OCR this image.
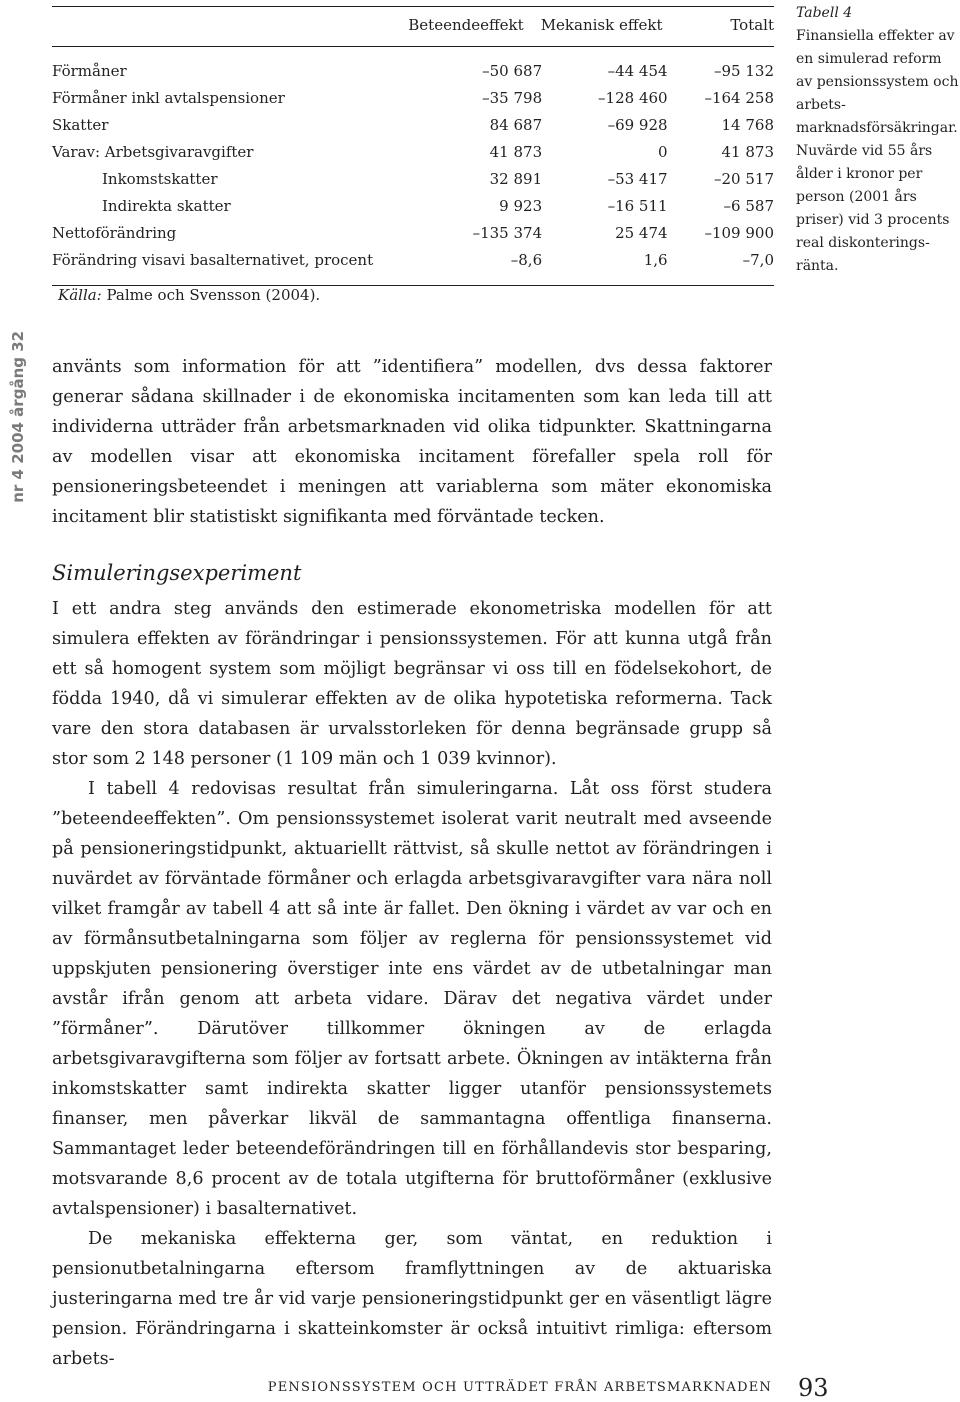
nr 4 2004 årgång 32
	Beteendeeffekt	Mekanisk effekt	Totalt

Förmåner	–50 687	–44 454	–95 132
Förmåner inkl avtalspensioner	–35 798	–128 460	–164 258
Skatter	84 687	–69 928	14 768
Varav: Arbetsgivaravgifter	41 873	0	41 873
Inkomstskatter	32 891	–53 417	–20 517
Indirekta skatter	9 923	–16 511	–6 587
Nettoförändring	–135 374	25 474	–109 900
Förändring visavi basalternativet, procent	–8,6	1,6	–7,0

Källa: Palme och Svensson (2004).
Tabell 4
Finansiella effekter av en simulerad reform av pensionssystem och arbetsmarknadsförsäkringar. Nuvärde vid 55 års ålder i kronor per person (2001 års priser) vid 3 procents real diskonteringsränta.

använts som information för att ”identifiera” modellen, dvs dessa faktorer generar sådana skillnader i de ekonomiska incitamenten som kan leda till att individerna utträder från arbetsmarknaden vid olika tidpunkter. Skattningarna av modellen visar att ekonomiska incitament förefaller spela roll för pensioneringsbeteendet i meningen att variablerna som mäter ekonomiska incitament blir statistiskt signifikanta med förväntade tecken.

Simuleringsexperiment

I ett andra steg används den estimerade ekonometriska modellen för att simulera effekten av förändringar i pensionssystemen. För att kunna utgå från ett så homogent system som möjligt begränsar vi oss till en födelsekohort, de födda 1940, då vi simulerar effekten av de olika hypotetiska reformerna. Tack vare den stora databasen är urvalsstorleken för denna begränsade grupp så stor som 2 148 personer (1 109 män och 1 039 kvinnor).

I tabell 4 redovisas resultat från simuleringarna. Låt oss först studera ”beteendeeffekten”. Om pensionssystemet isolerat varit neutralt med avseende på pensioneringstidpunkt, aktuariellt rättvist, så skulle nettot av förändringen i nuvärdet av förväntade förmåner och erlagda arbetsgivaravgifter vara nära noll vilket framgår av tabell 4 att så inte är fallet. Den ökning i värdet av var och en av förmånsutbetalningarna som följer av reglerna för pensionssystemet vid uppskjuten pensionering överstiger inte ens värdet av de utbetalningar man avstår ifrån genom att arbeta vidare. Därav det negativa värdet under ”förmåner”. Därutöver tillkommer ökningen av de erlagda arbetsgivaravgifterna som följer av fortsatt arbete. Ökningen av intäkterna från inkomstskatter samt indirekta skatter ligger utanför pensionssystemets finanser, men påverkar likväl de sammantagna offentliga finanserna. Sammantaget leder beteendeförändringen till en förhållandevis stor besparing, motsvarande 8,6 procent av de totala utgifterna för bruttoförmåner (exklusive avtalspensioner) i basalternativet.

De mekaniska effekterna ger, som väntat, en reduktion i pensionutbetalningarna eftersom framflyttningen av de aktuariska justeringarna med tre år vid varje pensioneringstidpunkt ger en väsentligt lägre pension. Förändringarna i skatteinkomster är också intuitivt rimliga: eftersom arbets-

PENSIONSSYSTEM OCH UTTRÄDET FRÅN ARBETSMARKNADEN 93
